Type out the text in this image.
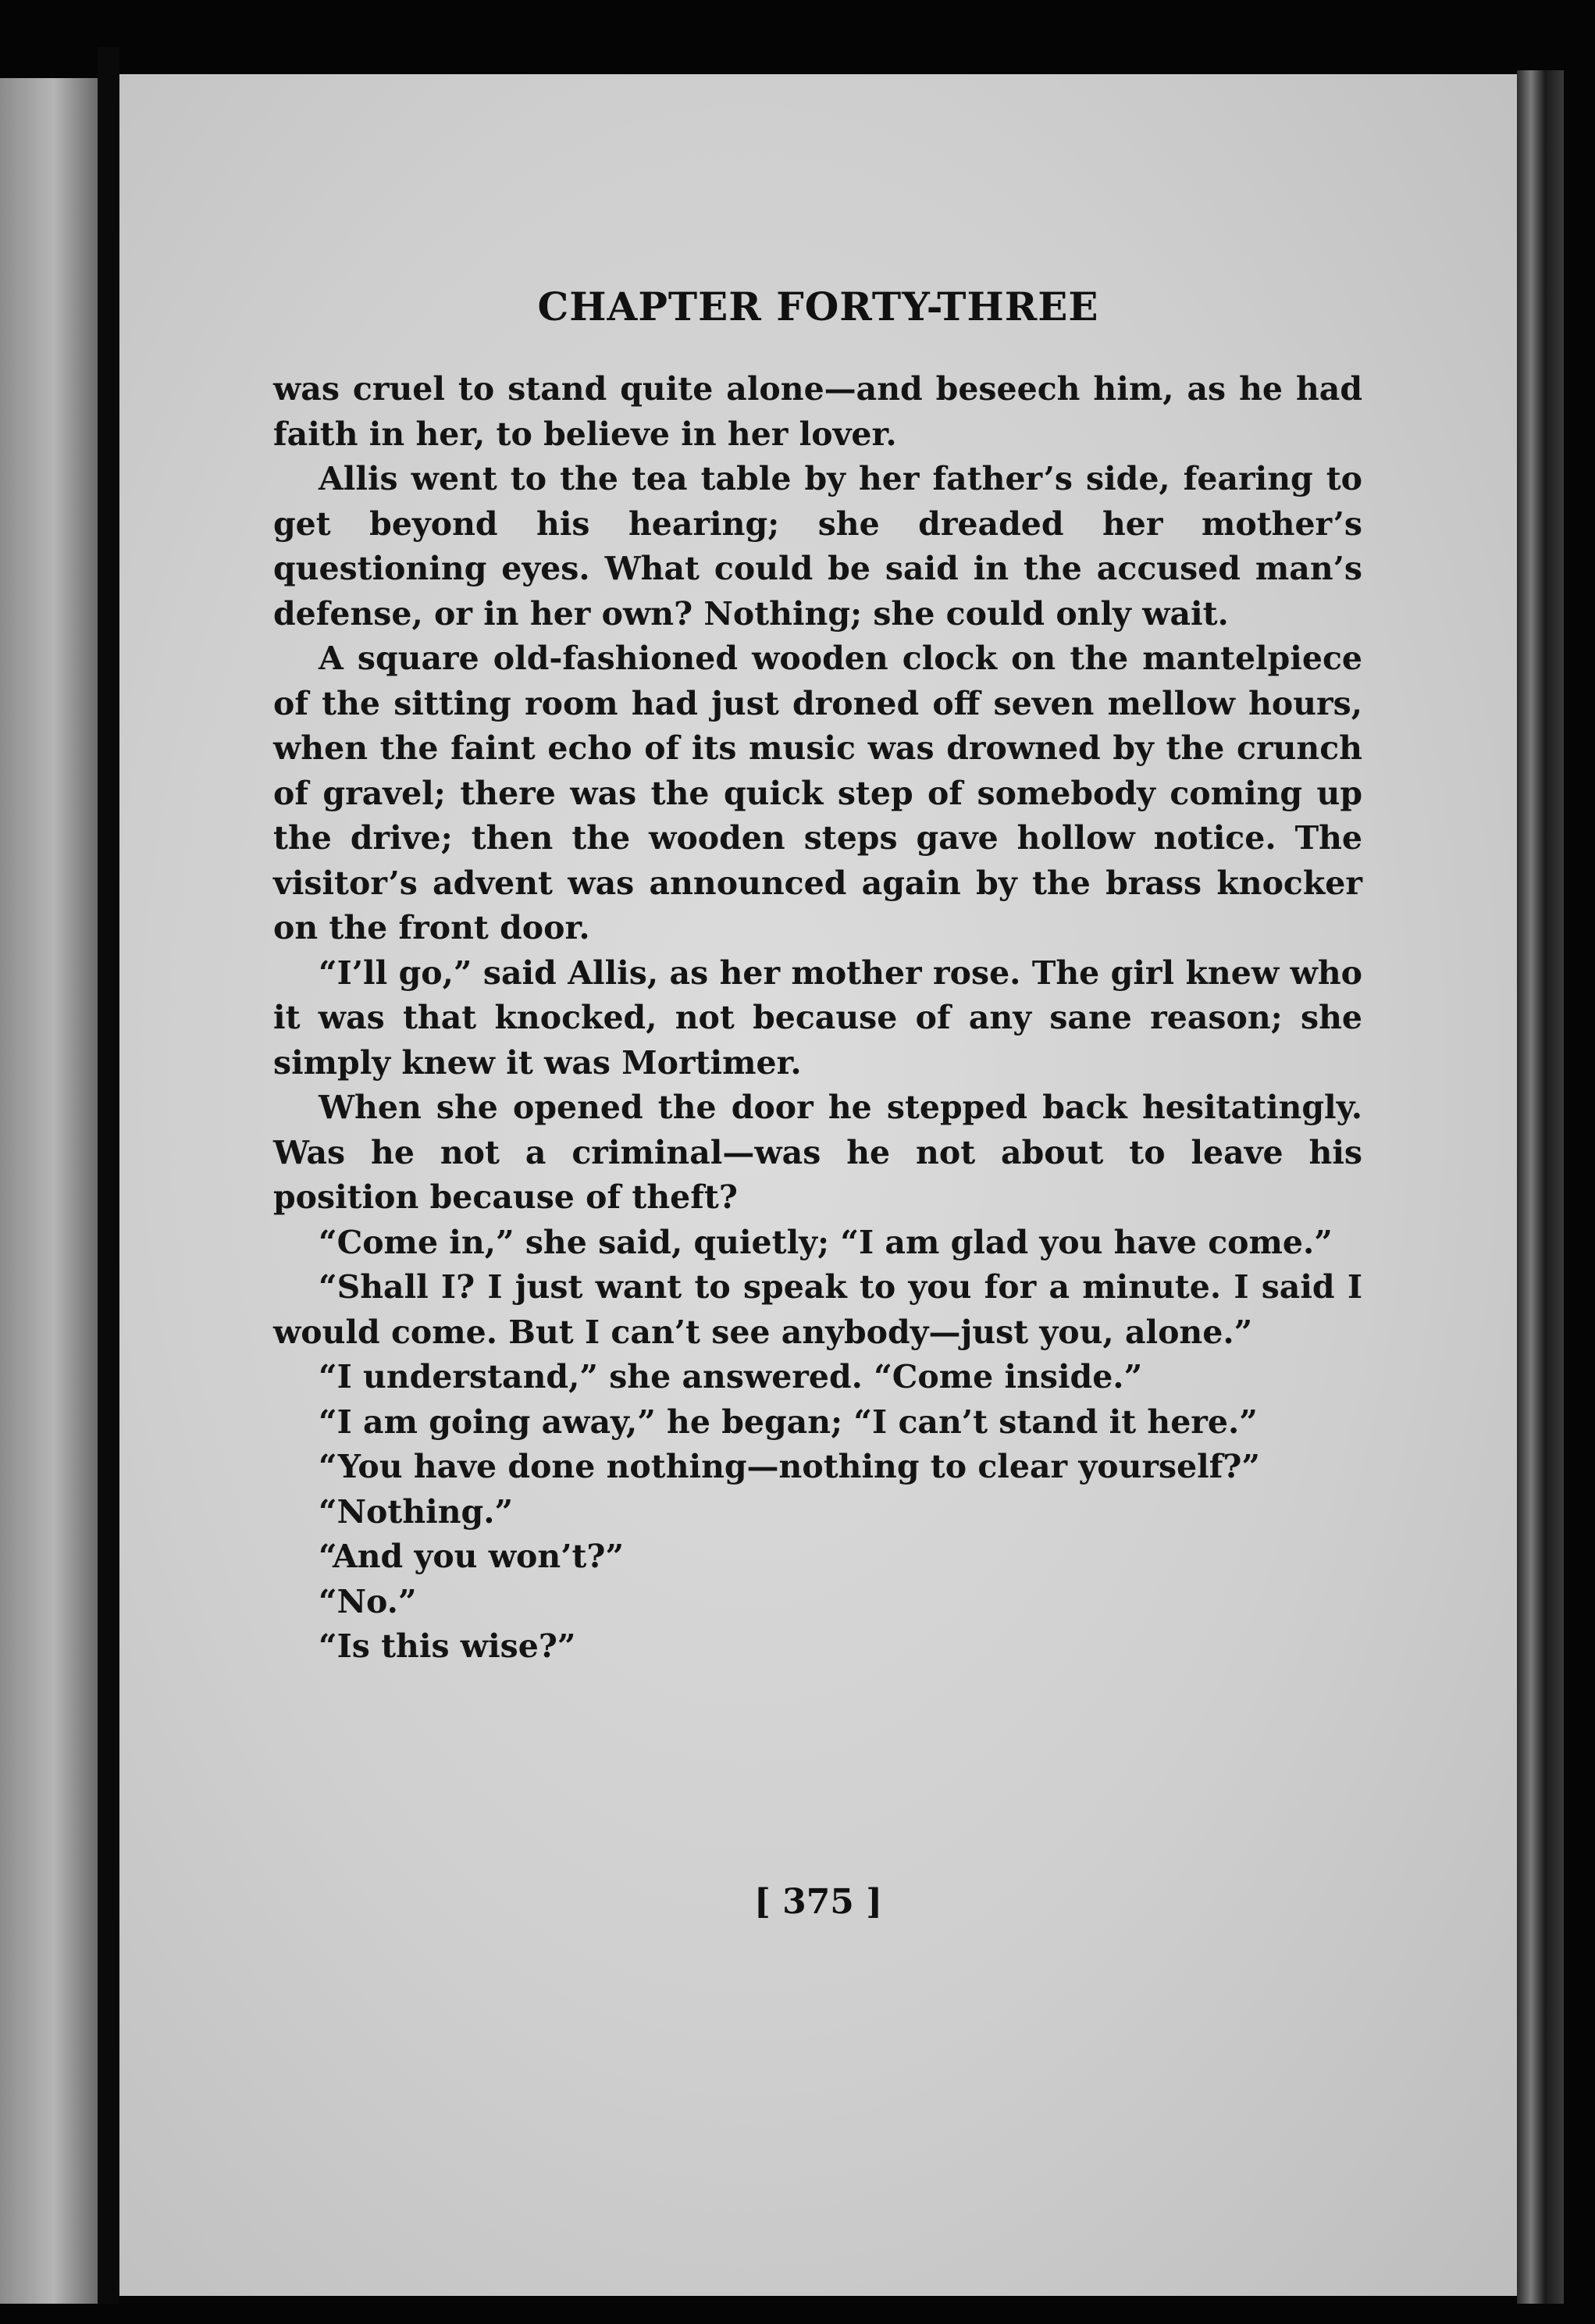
CHAPTER FORTY-THREE

was cruel to stand quite alone—and beseech him, as he had faith in her, to believe in her lover.

Allis went to the tea table by her father’s side, fearing to get beyond his hearing; she dreaded her mother’s questioning eyes. What could be said in the accused man’s defense, or in her own? Nothing; she could only wait.

A square old-fashioned wooden clock on the mantelpiece of the sitting room had just droned off seven mellow hours, when the faint echo of its music was drowned by the crunch of gravel; there was the quick step of somebody coming up the drive; then the wooden steps gave hollow notice. The visitor’s advent was announced again by the brass knocker on the front door.

“I’ll go,” said Allis, as her mother rose. The girl knew who it was that knocked, not because of any sane reason; she simply knew it was Mortimer.

When she opened the door he stepped back hesitatingly. Was he not a criminal—was he not about to leave his position because of theft?

“Come in,” she said, quietly; “I am glad you have come.”

“Shall I? I just want to speak to you for a minute. I said I would come. But I can’t see anybody—just you, alone.”

“I understand,” she answered. “Come inside.”

“I am going away,” he began; “I can’t stand it here.”

“You have done nothing—nothing to clear yourself?”

“Nothing.”

“And you won’t?”

“No.”

“Is this wise?”

[ 375 ]
